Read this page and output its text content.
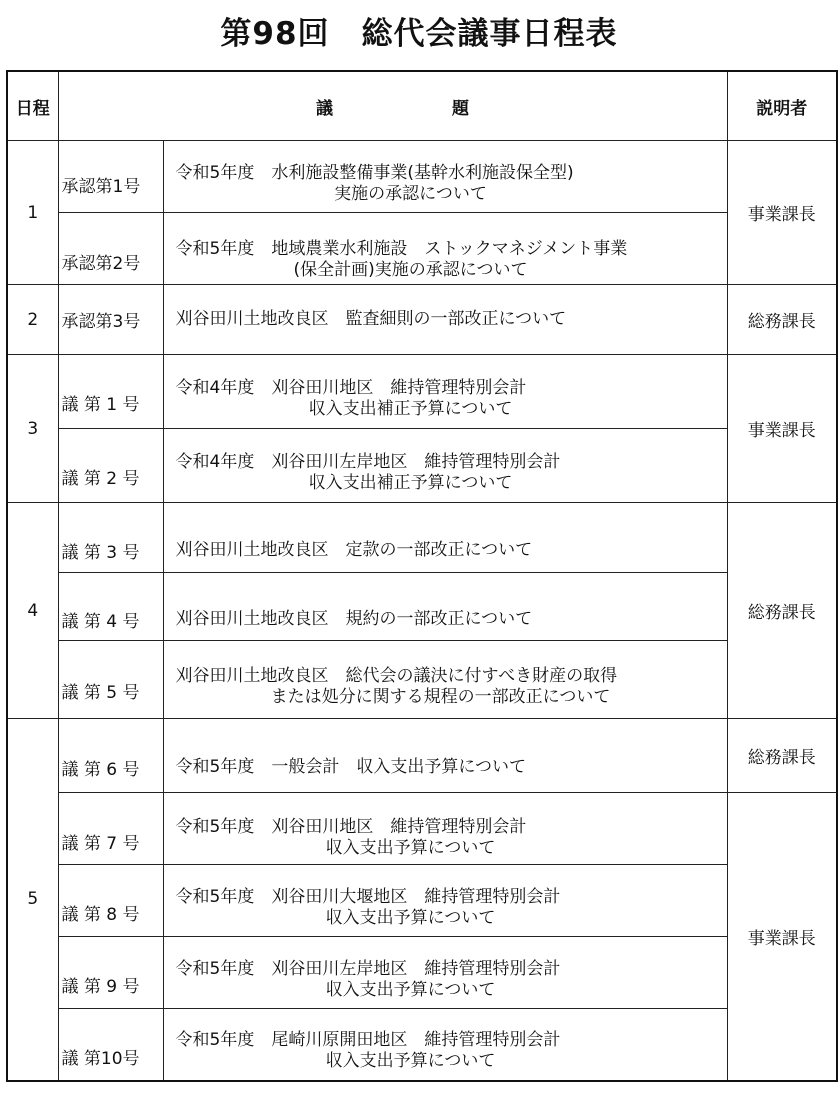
第98回　総代会議事日程表
日程	議　　　　　　　題		説明者
1	承認第1号	令和5年度　水利施設整備事業(基幹水利施設保全型)
実施の承認について	事業課長
	承認第2号	令和5年度　地域農業水利施設　ストックマネジメント事業
(保全計画)実施の承認について	

2	承認第3号	刈谷田川土地改良区　監査細則の一部改正について	総務課長
3	議 第 1 号	令和4年度　刈谷田川地区　維持管理特別会計
収入支出補正予算について	事業課長
	議 第 2 号	令和4年度　刈谷田川左岸地区　維持管理特別会計
収入支出補正予算について	

4	議 第 3 号	刈谷田川土地改良区　定款の一部改正について	総務課長
	議 第 4 号	刈谷田川土地改良区　規約の一部改正について	

	議 第 5 号	刈谷田川土地改良区　総代会の議決に付すべき財産の取得
または処分に関する規程の一部改正について	

5	議 第 6 号	令和5年度　一般会計　収入支出予算について	総務課長
	議 第 7 号	令和5年度　刈谷田川地区　維持管理特別会計
収入支出予算について	事業課長
	議 第 8 号	令和5年度　刈谷田川大堰地区　維持管理特別会計
収入支出予算について	

	議 第 9 号	令和5年度　刈谷田川左岸地区　維持管理特別会計
収入支出予算について	

	議 第10号	令和5年度　尾崎川原開田地区　維持管理特別会計
収入支出予算について	
